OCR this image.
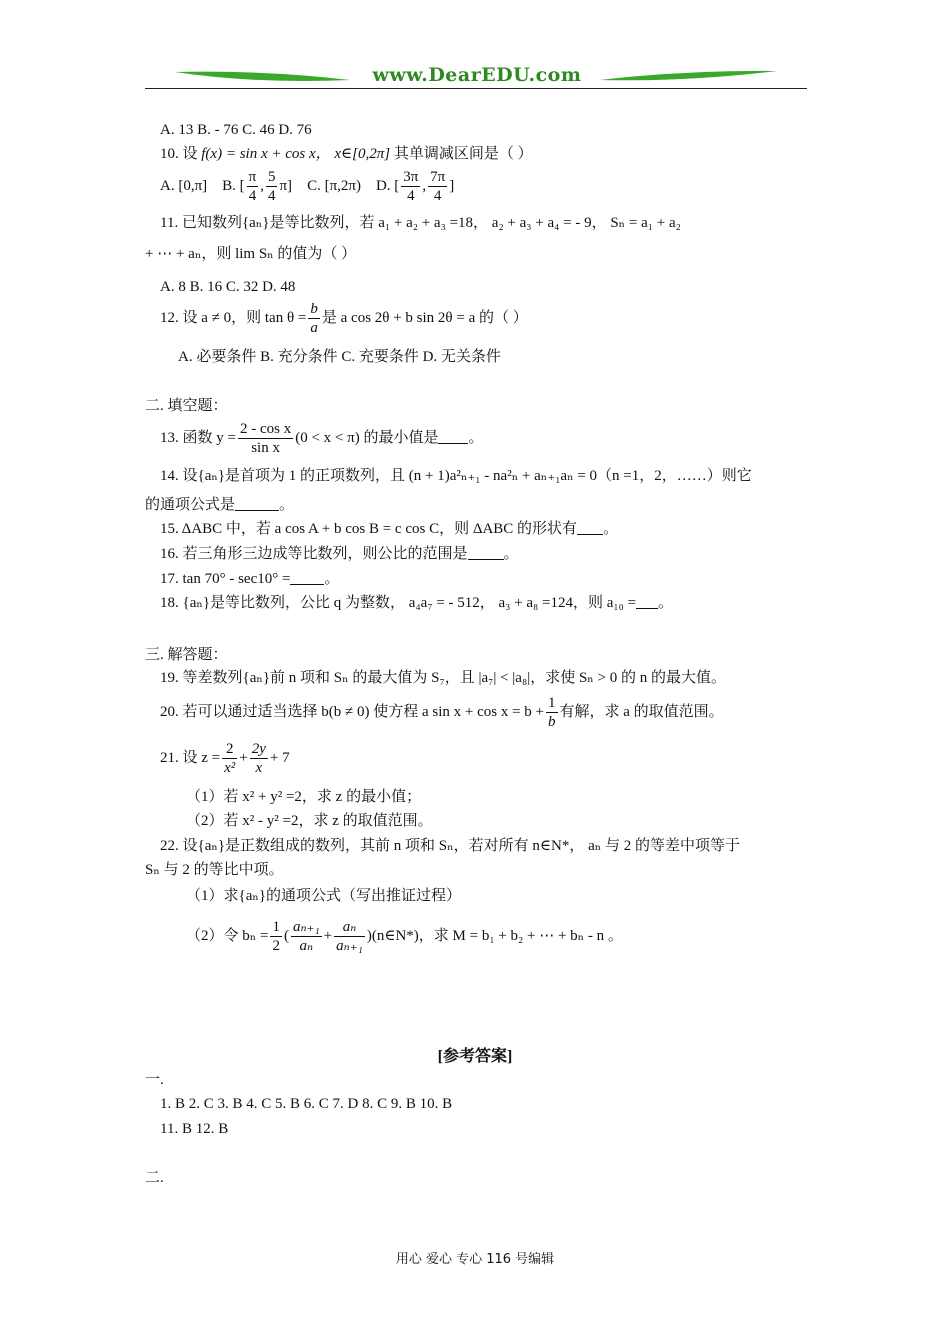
www.DearEDU.com
A. 13 B. - 76 C. 46 D. 76
10. 设 f(x) = sin x + cos x， x∈[0,2π] 其单调减区间是（ ）
A. [0,π] B. [ $\frac{\pi}{4}$ , $\frac{5}{4} \pi$] C. [π,2π) D. [ $\frac{3\pi}{4}$ , $\frac{7\pi}{4}$ ]
11. 已知数列{aₙ}是等比数列，若 a₁ + a₂ + a₃ =18， a₂ + a₃ + a₄ = - 9， Sₙ = a₁ + a₂
+ ⋯ + aₙ，则 lim Sₙ 的值为（ ）
A. 8 B. 16 C. 32 D. 48
12. 设 a ≠ 0，则 $\tan \theta = \frac{b}{a}$ 是 a cos 2θ + b sin 2θ = a 的（ ）
A. 必要条件 B. 充分条件 C. 充要条件 D. 无关条件
二. 填空题：
13. 函数 $y = \frac{\text{2 - cos x}}{\text{sin x}} (0 < x < \pi)$ 的最小值是 。
14. 设{aₙ}是首项为 1 的正项数列，且 (n + 1)a²ₙ₊₁ - na²ₙ + aₙ₊₁aₙ = 0（n =1，2，……）则它
的通项公式是	。
15. ΔABC 中，若 a cos A + b cos B = c cos C，则 ΔABC 的形状有 。
16. 若三角形三边成等比数列，则公比的范围是 。
17. tan 70° - sec10° = 。
18. {aₙ}是等比数列，公比 q 为整数， a₄a₇ = - 512， a₃ + a₈ =124，则 a₁₀ = 。
三. 解答题：
19. 等差数列{aₙ}前 n 项和 Sₙ 的最大值为 S₇，且 |a₇| < |a₈|，求使 Sₙ > 0 的 n 的最大值。
20. 若可以通过适当选择 b(b ≠ 0) 使方程 a $\sin x + \cos x = b + \frac{1}{b}$ 有解，求 a 的取值范围。
21. 设 $z = \frac{2}{\text{x²}} + \frac{2y}{x} + 7$
（1）若 x² + y² =2，求 z 的最小值；
（2）若 x² - y² =2，求 z 的取值范围。
22. 设{aₙ}是正数组成的数列，其前 n 项和 Sₙ，若对所有 n∈N*， aₙ 与 2 的等差中项等于
Sₙ 与 2 的等比中项。
（1）求{aₙ}的通项公式（写出推证过程）
（2）令 $b_n = \frac{1}{2}$ ( $\frac{\text{aₙ₊₁}}{\text{aₙ}} + \frac{\text{aₙ}}{\text{aₙ₊₁}}$ )(n∈N*)，求 M = b₁ + b₂ + ⋯ + bₙ - n 。
[参考答案]
一.
1. B 2. C 3. B 4. C 5. B 6. C 7. D 8. C 9. B 10. B
11. B 12. B
二.
用心 爱心 专心 116 号编辑
